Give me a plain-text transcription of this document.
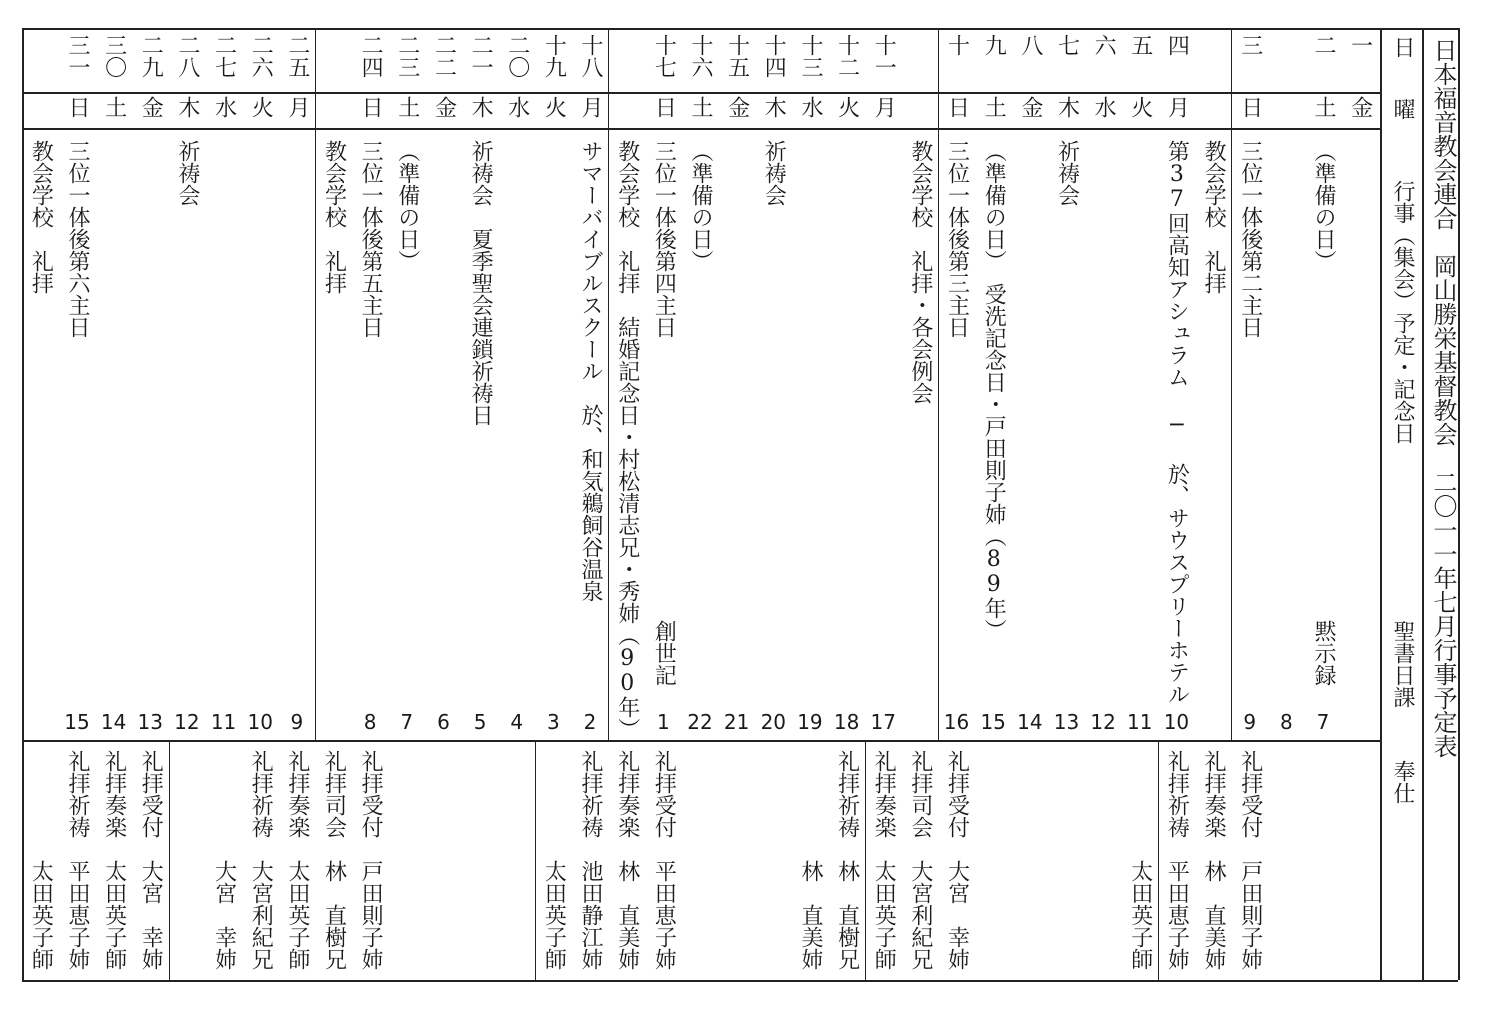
日本福音教会連合　岡山勝栄基督教会　二〇一一年七月行事予定表
日
曜
行事（集会）予定・記念日
聖書日課
奉仕
一
金
二
土
（準備の日）
黙示録
7
8
三
日
三位一体後第二主日
9
礼拝受付　戸田則子姉
教会学校　礼拝
礼拝奏楽　林　直美姉
四
月
第37回高知アシュラム ─ 於、サウスプリーホテル
10
礼拝祈祷　平田恵子姉
五
火
11
　　　　　太田英子師
六
水
12
七
木
祈祷会
13
八
金
14
九
土
（準備の日）　受洗記念日・戸田則子姉（89年）
15
十
日
三位一体後第三主日
16
礼拝受付　大宮　幸姉
教会学校　礼拝・各会例会
礼拝司会　大宮利紀兄
十一
月
17
礼拝奏楽　太田英子師
十二
火
18
礼拝祈祷　林　直樹兄
十三
水
19
　　　　　林　直美姉
十四
木
祈祷会
20
十五
金
21
十六
土
（準備の日）
22
十七
日
三位一体後第四主日
創世記
1
礼拝受付　平田恵子姉
教会学校　礼拝　結婚記念日・村松清志兄・秀姉（90年）
礼拝奏楽　林　直美姉
十八
月
サマーバイブルスクール　於、和気鵜飼谷温泉
2
礼拝祈祷　池田静江姉
十九
火
3
　　　　　太田英子師
二〇
水
4
二一
木
祈祷会　夏季聖会連鎖祈祷日
5
二二
金
6
二三
土
（準備の日）
7
二四
日
三位一体後第五主日
8
礼拝受付　戸田則子姉
教会学校　礼拝
礼拝司会　林　直樹兄
二五
月
9
礼拝奏楽　太田英子師
二六
火
10
礼拝祈祷　大宮利紀兄
二七
水
11
　　　　　大宮　幸姉
二八
木
祈祷会
12
二九
金
13
礼拝受付　大宮　幸姉
三〇
土
14
礼拝奏楽　太田英子師
三一
日
三位一体後第六主日
15
礼拝祈祷　平田恵子姉
教会学校　礼拝
　　　　　太田英子師
